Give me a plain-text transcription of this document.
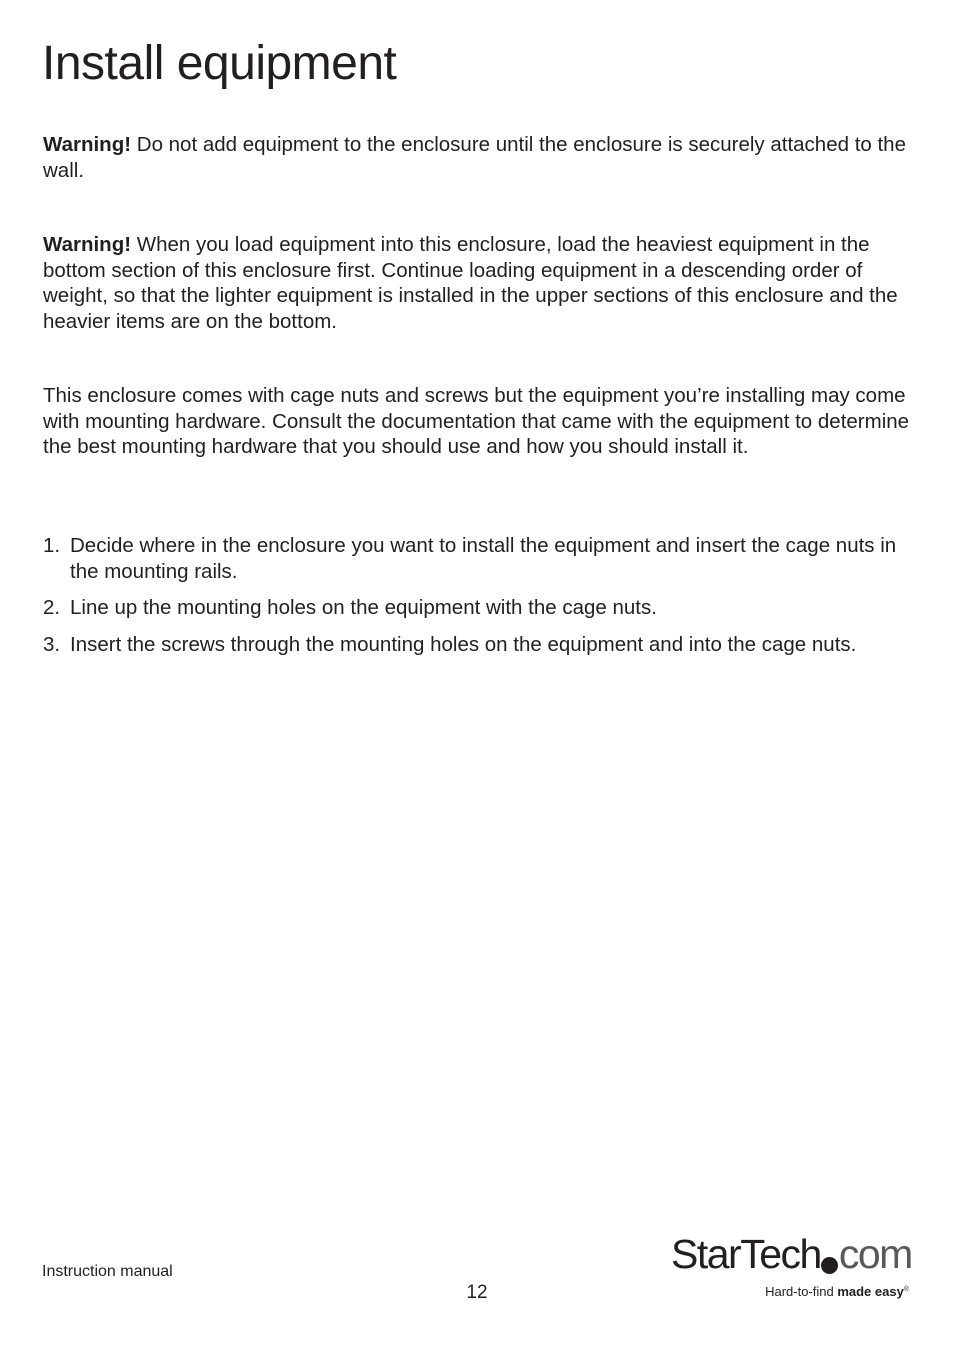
Install equipment

Warning! Do not add equipment to the enclosure until the enclosure is securely attached to the wall.

Warning! When you load equipment into this enclosure, load the heaviest equipment in the bottom section of this enclosure first. Continue loading equipment in a descending order of weight, so that the lighter equipment is installed in the upper sections of this enclosure and the heavier items are on the bottom.

This enclosure comes with cage nuts and screws but the equipment you’re installing may come with mounting hardware. Consult the documentation that came with the equipment to determine the best mounting hardware that you should use and how you should install it.

1. Decide where in the enclosure you want to install the equipment and insert the cage nuts in the mounting rails.
2. Line up the mounting holes on the equipment with the cage nuts.
3. Insert the screws through the mounting holes on the equipment and into the cage nuts.
Instruction manual
12
StarTech com
Hard-to-find made easy®
